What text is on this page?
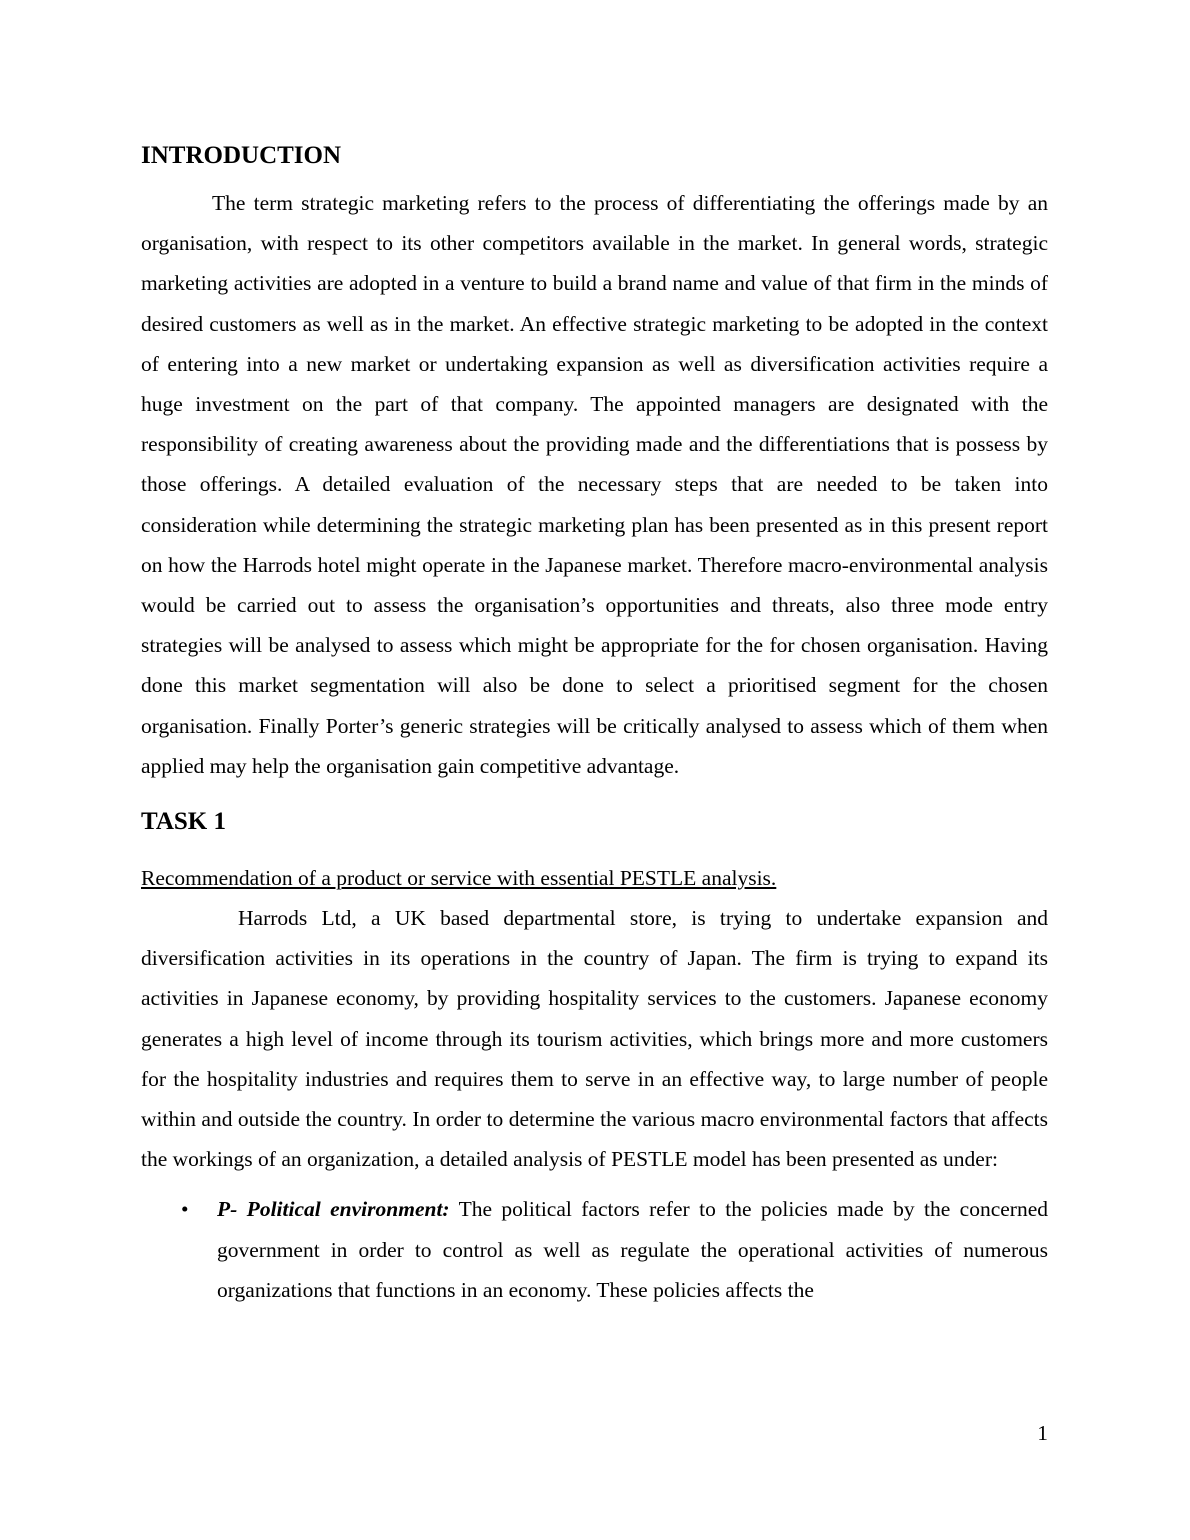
INTRODUCTION

The term strategic marketing refers to the process of differentiating the offerings made by an organisation, with respect to its other competitors available in the market. In general words, strategic marketing activities are adopted in a venture to build a brand name and value of that firm in the minds of desired customers as well as in the market. An effective strategic marketing to be adopted in the context of entering into a new market or undertaking expansion as well as diversification activities require a huge investment on the part of that company. The appointed managers are designated with the responsibility of creating awareness about the providing made and the differentiations that is possess by those offerings. A detailed evaluation of the necessary steps that are needed to be taken into consideration while determining the strategic marketing plan has been presented as in this present report on how the Harrods hotel might operate in the Japanese market. Therefore macro-environmental analysis would be carried out to assess the organisation’s opportunities and threats, also three mode entry strategies will be analysed to assess which might be appropriate for the for chosen organisation. Having done this market segmentation will also be done to select a prioritised segment for the chosen organisation. Finally Porter’s generic strategies will be critically analysed to assess which of them when applied may help the organisation gain competitive advantage.

TASK 1

Recommendation of a product or service with essential PESTLE analysis.

Harrods Ltd, a UK based departmental store, is trying to undertake expansion and diversification activities in its operations in the country of Japan. The firm is trying to expand its activities in Japanese economy, by providing hospitality services to the customers. Japanese economy generates a high level of income through its tourism activities, which brings more and more customers for the hospitality industries and requires them to serve in an effective way, to large number of people within and outside the country. In order to determine the various macro environmental factors that affects the workings of an organization, a detailed analysis of PESTLE model has been presented as under:

• P- Political environment: The political factors refer to the policies made by the concerned government in order to control as well as regulate the operational activities of numerous organizations that functions in an economy. These policies affects the

1
